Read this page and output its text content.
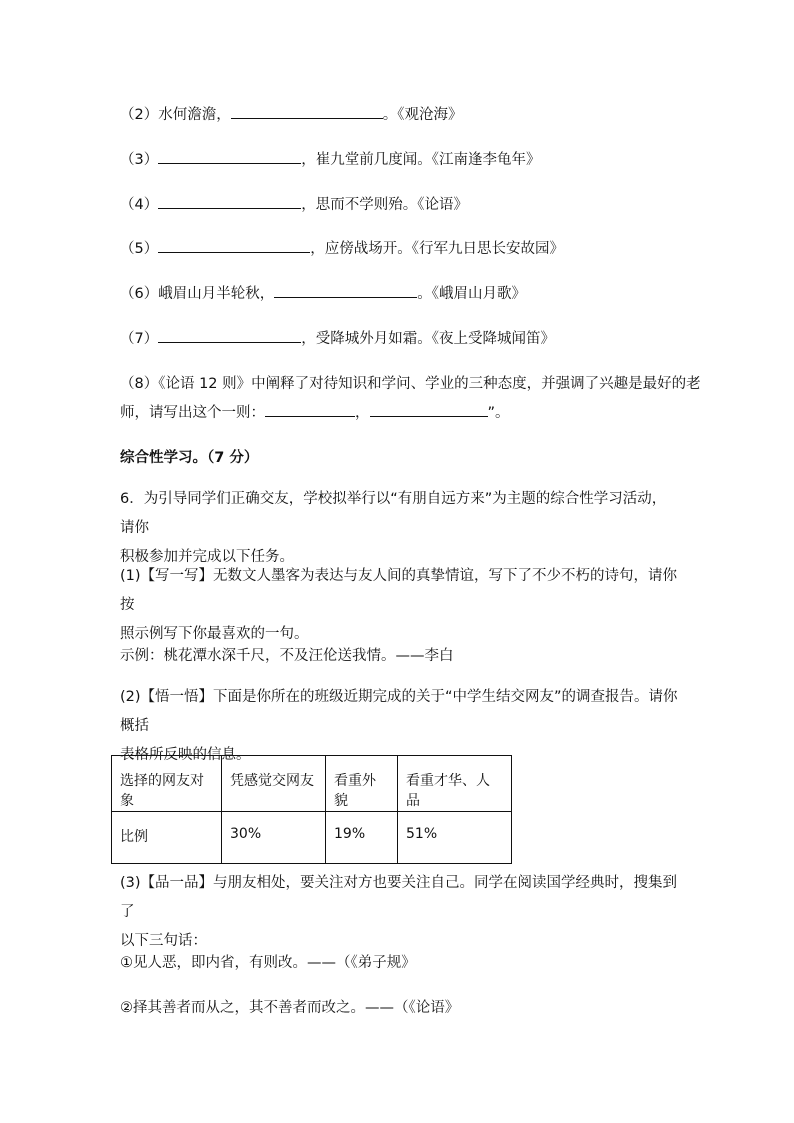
（2）水何澹澹，	。《观沧海》
（3）	，崔九堂前几度闻。《江南逢李龟年》
（4）	，思而不学则殆。《论语》
（5）	，应傍战场开。《行军九日思长安故园》
（6）峨眉山月半轮秋，	。《峨眉山月歌》
（7）	，受降城外月如霜。《夜上受降城闻笛》
（8）《论语 12 则》中阐释了对待知识和学问、学业的三种态度，并强调了兴趣是最好的老
师，请写出这个一则：	，	”。
综合性学习。（7 分）
6．为引导同学们正确交友，学校拟举行以“有朋自远方来”为主题的综合性学习活动，请你
积极参加并完成以下任务。
(1)【写一写】无数文人墨客为表达与友人间的真挚情谊，写下了不少不朽的诗句，请你按
照示例写下你最喜欢的一句。
示例：桃花潭水深千尺，不及汪伦送我情。——李白
(2)【悟一悟】下面是你所在的班级近期完成的关于“中学生结交网友”的调查报告。请你概括
表格所反映的信息。
选择的网友对象	凭感觉交网友	看重外貌	看重才华、人品
比例	30%	19%	51%
(3)【品一品】与朋友相处，要关注对方也要关注自己。同学在阅读国学经典时，搜集到了
以下三句话：
①见人恶，即内省，有则改。——（《弟子规》
②择其善者而从之，其不善者而改之。——（《论语》
